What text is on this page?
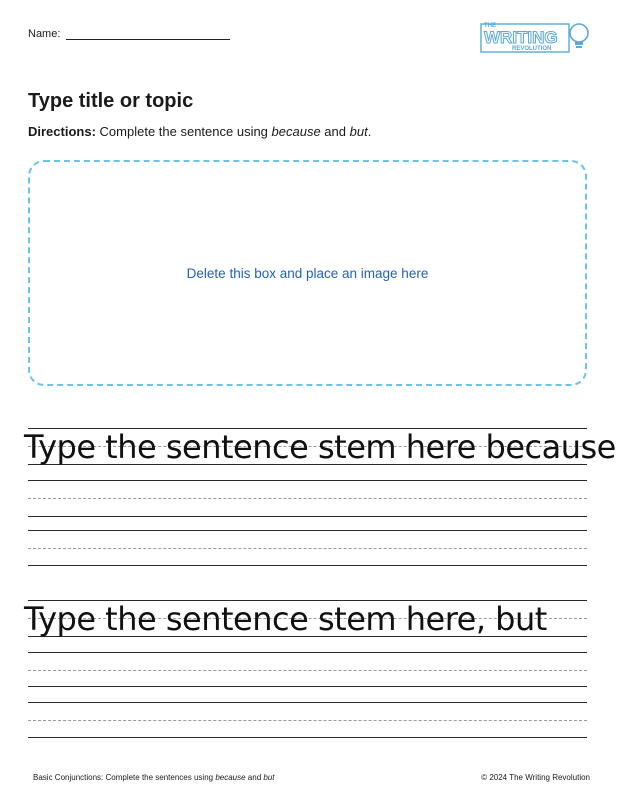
Name:
THE
WRITING
REVOLUTION
Type title or topic
Directions: Complete the sentence using because and but.
Delete this box and place an image here
Type the sentence stem here because
Type the sentence stem here, but
Basic Conjunctions: Complete the sentences using because and but	© 2024 The Writing Revolution
